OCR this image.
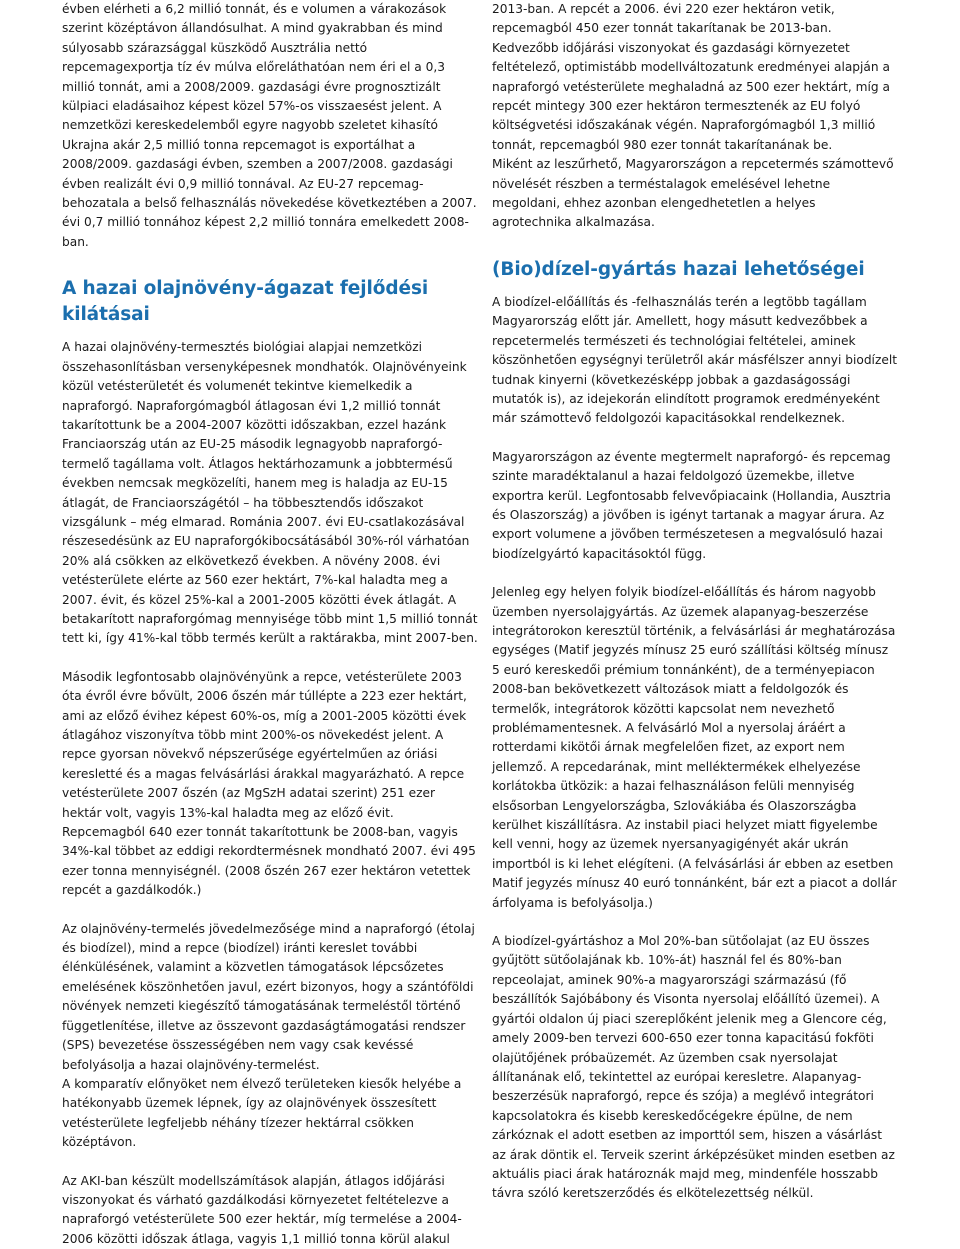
évben elérheti a 6,2 millió tonnát, és e volumen a várakozások szerint középtávon állandósulhat. A mind gyakrabban és mind súlyosabb szárazsággal küszködő Ausztrália nettó repcemagexportja tíz év múlva előreláthatóan nem éri el a 0,3 millió tonnát, ami a 2008/2009. gazdasági évre prognosztizált külpiaci eladásaihoz képest közel 57%-os visszaesést jelent. A nemzetközi kereskedelemből egyre nagyobb szeletet kihasító Ukrajna akár 2,5 millió tonna repcemagot is exportálhat a 2008/2009. gazdasági évben, szemben a 2007/2008. gazdasági évben realizált évi 0,9 millió tonnával. Az EU-27 repcemag-behozatala a belső felhasználás növekedése következtében a 2007. évi 0,7 millió tonnához képest 2,2 millió tonnára emelkedett 2008-ban.

A hazai olajnövény-ágazat fejlődési kilátásai

A hazai olajnövény-termesztés biológiai alapjai nemzetközi összehasonlításban versenyképesnek mondhatók. Olajnövényeink közül vetésterületét és volumenét tekintve kiemelkedik a napraforgó. Napraforgómagból átlagosan évi 1,2 millió tonnát takarítottunk be a 2004-2007 közötti időszakban, ezzel hazánk Franciaország után az EU-25 második legnagyobb napraforgó-termelő tagállama volt. Átlagos hektárhozamunk a jobbtermésű években nemcsak megközelíti, hanem meg is haladja az EU-15 átlagát, de Franciaországétól – ha többesztendős időszakot vizsgálunk – még elmarad. Románia 2007. évi EU-csatlakozásával részesedésünk az EU napraforgókibocsátásából 30%-ról várhatóan 20% alá csökken az elkövetkező években. A növény 2008. évi vetésterülete elérte az 560 ezer hektárt, 7%-kal haladta meg a 2007. évit, és közel 25%-kal a 2001-2005 közötti évek átlagát. A betakarított napraforgómag mennyisége több mint 1,5 millió tonnát tett ki, így 41%-kal több termés került a raktárakba, mint 2007-ben.

Második legfontosabb olajnövényünk a repce, vetésterülete 2003 óta évről évre bővült, 2006 őszén már túllépte a 223 ezer hektárt, ami az előző évihez képest 60%-os, míg a 2001-2005 közötti évek átlagához viszonyítva több mint 200%-os növekedést jelent. A repce gyorsan növekvő népszerűsége egyértelműen az óriási keresletté és a magas felvásárlási árakkal magyarázható. A repce vetésterülete 2007 őszén (az MgSzH adatai szerint) 251 ezer hektár volt, vagyis 13%-kal haladta meg az előző évit. Repcemagból 640 ezer tonnát takarítottunk be 2008-ban, vagyis 34%-kal többet az eddigi rekordtermésnek mondható 2007. évi 495 ezer tonna mennyiségnél. (2008 őszén 267 ezer hektáron vetettek repcét a gazdálkodók.)

Az olajnövény-termelés jövedelmezősége mind a napraforgó (étolaj és biodízel), mind a repce (biodízel) iránti kereslet további élénkülésének, valamint a közvetlen támogatások lépcsőzetes emelésének köszönhetően javul, ezért bizonyos, hogy a szántóföldi növények nemzeti kiegészítő támogatásának termeléstől történő függetlenítése, illetve az összevont gazdaságtámogatási rendszer (SPS) bevezetése összességében nem vagy csak kevéssé befolyásolja a hazai olajnövény-termelést.

A komparatív előnyöket nem élvező területeken kiesők helyébe a hatékonyabb üzemek lépnek, így az olajnövények összesített vetésterülete legfeljebb néhány tízezer hektárral csökken középtávon.

Az AKI-ban készült modellszámítások alapján, átlagos időjárási viszonyokat és várható gazdálkodási környezetet feltételezve a napraforgó vetésterülete 500 ezer hektár, míg termelése a 2004-2006 közötti időszak átlaga, vagyis 1,1 millió tonna körül alakul

2013-ban. A repcét a 2006. évi 220 ezer hektáron vetik, repcemagból 450 ezer tonnát takarítanak be 2013-ban. Kedvezőbb időjárási viszonyokat és gazdasági környezetet feltételező, optimistább modellváltozatunk eredményei alapján a napraforgó vetésterülete meghaladná az 500 ezer hektárt, míg a repcét mintegy 300 ezer hektáron termesztenék az EU folyó költségvetési időszakának végén. Napraforgómagból 1,3 millió tonnát, repcemagból 980 ezer tonnát takarítanának be.

Miként az leszűrhető, Magyarországon a repcetermés számottevő növelését részben a terméstalagok emelésével lehetne megoldani, ehhez azonban elengedhetetlen a helyes agrotechnika alkalmazása.

(Bio)dízel-gyártás hazai lehetőségei

A biodízel-előállítás és -felhasználás terén a legtöbb tagállam Magyarország előtt jár. Amellett, hogy másutt kedvezőbbek a repcetermelés természeti és technológiai feltételei, aminek köszönhetően egységnyi területről akár másfélszer annyi biodízelt tudnak kinyerni (következésképp jobbak a gazdaságossági mutatók is), az idejekorán elindított programok eredményeként már számottevő feldolgozói kapacitásokkal rendelkeznek.

Magyarországon az évente megtermelt napraforgó- és repcemag szinte maradéktalanul a hazai feldolgozó üzemekbe, illetve exportra kerül. Legfontosabb felvevőpiacaink (Hollandia, Ausztria és Olaszország) a jövőben is igényt tartanak a magyar árura. Az export volumene a jövőben természetesen a megvalósuló hazai biodízelgyártó kapacitásoktól függ.

Jelenleg egy helyen folyik biodízel-előállítás és három nagyobb üzemben nyersolajgyártás. Az üzemek alapanyag-beszerzése integrátorokon keresztül történik, a felvásárlási ár meghatározása egységes (Matif jegyzés mínusz 25 euró szállítási költség mínusz 5 euró kereskedői prémium tonnánként), de a terményepiacon 2008-ban bekövetkezett változások miatt a feldolgozók és termelők, integrátorok közötti kapcsolat nem nevezhető problémamentesnek. A felvásárló Mol a nyersolaj áráért a rotterdami kikötői árnak megfelelően fizet, az export nem jellemző. A repcedarának, mint melléktermékek elhelyezése korlátokba ütközik: a hazai felhasználáson felüli mennyiség elsősorban Lengyelországba, Szlovákiába és Olaszországba kerülhet kiszállításra. Az instabil piaci helyzet miatt figyelembe kell venni, hogy az üzemek nyersanyagigényét akár ukrán importból is ki lehet elégíteni. (A felvásárlási ár ebben az esetben Matif jegyzés mínusz 40 euró tonnánként, bár ezt a piacot a dollár árfolyama is befolyásolja.)

A biodízel-gyártáshoz a Mol 20%-ban sütőolajat (az EU összes gyűjtött sütőolajának kb. 10%-át) használ fel és 80%-ban repceolajat, aminek 90%-a magyarországi származású (fő beszállítók Sajóbábony és Visonta nyersolaj előállító üzemei). A gyártói oldalon új piaci szereplőként jelenik meg a Glencore cég, amely 2009-ben tervezi 600-650 ezer tonna kapacitású fokföti olajütőjének próbaüzemét. Az üzemben csak nyersolajat állítanának elő, tekintettel az európai keresletre. Alapanyag-beszerzésük napraforgó, repce és szója) a meglévő integrátori kapcsolatokra és kisebb kereskedőcégekre épülne, de nem zárkóznak el adott esetben az importtól sem, hiszen a vásárlást az árak döntik el. Terveik szerint árképzésüket minden esetben az aktuális piaci árak határoznák majd meg, mindenféle hosszabb távra szóló keretszerződés és elkötelezettség nélkül.
